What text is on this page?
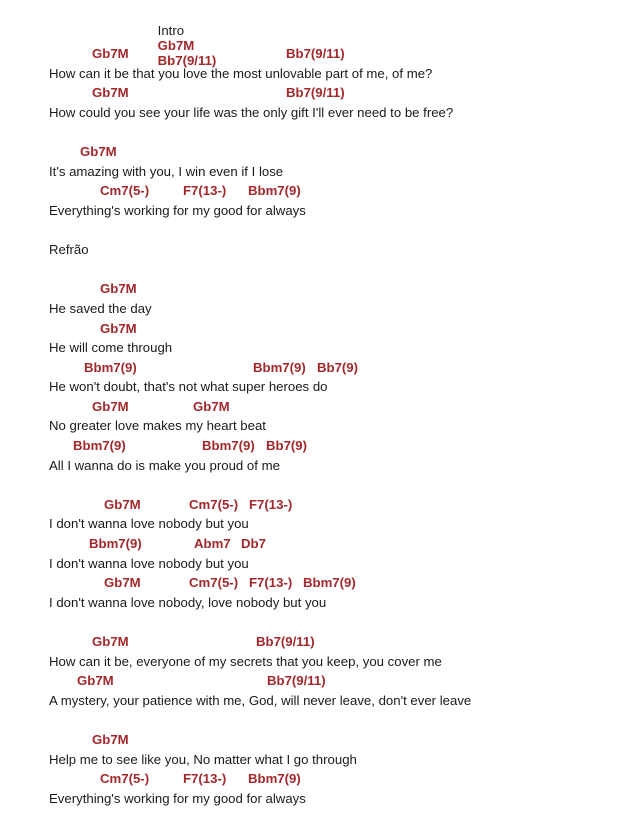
Intro
Gb7M
Bb7(9/11)

Refrão
Gb7M	Bb7(9/11)
How can it be that you love the most unlovable part of me, of me?
Gb7M	Bb7(9/11)
How could you see your life was the only gift I'll ever need to be free?
Gb7M
It's amazing with you, I win even if I lose
Cm7(5-)	F7(13-) Bbm7(9)
Everything's working for my good for always
Gb7M
He saved the day
Gb7M
He will come through
Bbm7(9)	Bbm7(9) Bb7(9)
He won't doubt, that's not what super heroes do
Gb7M	Gb7M
No greater love makes my heart beat
Bbm7(9)	Bbm7(9) Bb7(9)
All I wanna do is make you proud of me
Gb7M	Cm7(5-) F7(13-)
I don't wanna love nobody but you
Bbm7(9)	Abm7 Db7
I don't wanna love nobody but you
Gb7M	Cm7(5-) F7(13-) Bbm7(9)
I don't wanna love nobody, love nobody but you
Gb7M	Bb7(9/11)
How can it be, everyone of my secrets that you keep, you cover me
Gb7M	Bb7(9/11)
A mystery, your patience with me, God, will never leave, don't ever leave
Gb7M
Help me to see like you, No matter what I go through
Cm7(5-)	F7(13-) Bbm7(9)
Everything's working for my good for always
